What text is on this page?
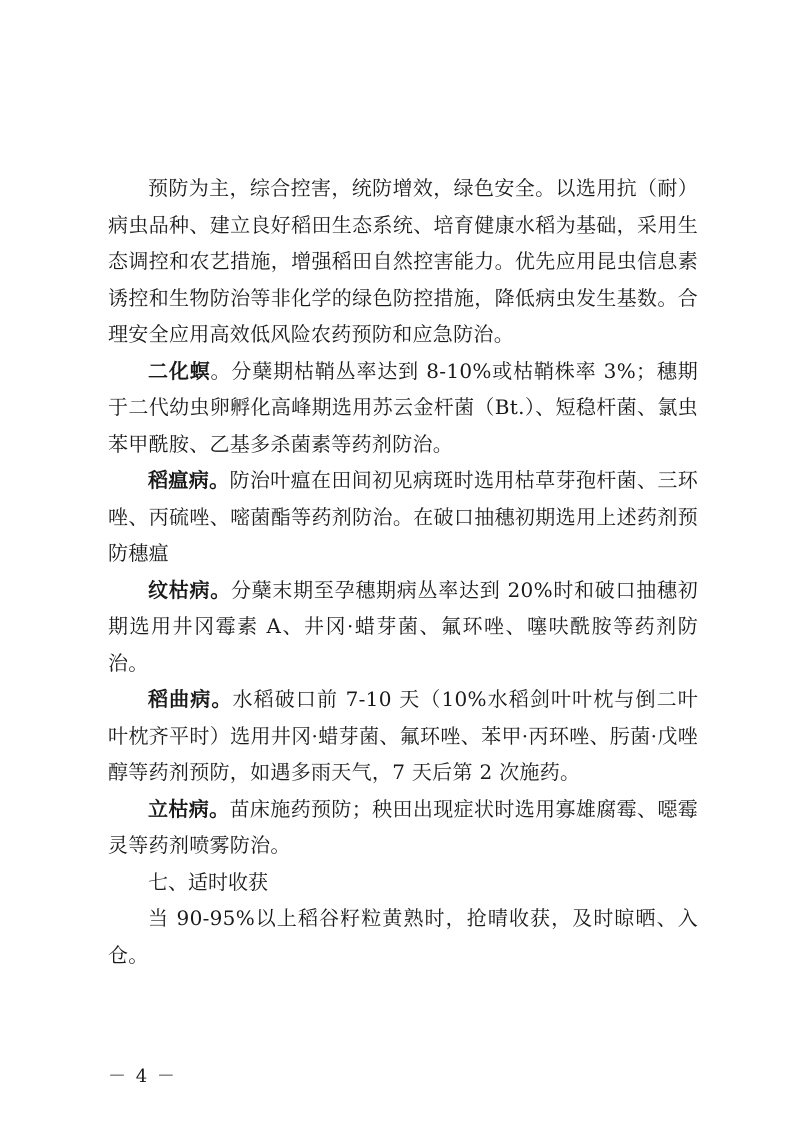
预防为主，综合控害，统防增效，绿色安全。以选用抗（耐）病虫品种、建立良好稻田生态系统、培育健康水稻为基础，采用生态调控和农艺措施，增强稻田自然控害能力。优先应用昆虫信息素诱控和生物防治等非化学的绿色防控措施，降低病虫发生基数。合理安全应用高效低风险农药预防和应急防治。

二化螟。分蘖期枯鞘丛率达到 8-10%或枯鞘株率 3%；穗期于二代幼虫卵孵化高峰期选用苏云金杆菌（Bt.）、短稳杆菌、氯虫苯甲酰胺、乙基多杀菌素等药剂防治。

稻瘟病。防治叶瘟在田间初见病斑时选用枯草芽孢杆菌、三环唑、丙硫唑、嘧菌酯等药剂防治。在破口抽穗初期选用上述药剂预防穗瘟

纹枯病。分蘖末期至孕穗期病丛率达到 20%时和破口抽穗初期选用井冈霉素 A、井冈·蜡芽菌、氟环唑、噻呋酰胺等药剂防治。

稻曲病。水稻破口前 7-10 天（10%水稻剑叶叶枕与倒二叶叶枕齐平时）选用井冈·蜡芽菌、氟环唑、苯甲·丙环唑、肟菌·戊唑醇等药剂预防，如遇多雨天气，7 天后第 2 次施药。

立枯病。苗床施药预防；秧田出现症状时选用寡雄腐霉、噁霉灵等药剂喷雾防治。

七、适时收获

当 90-95%以上稻谷籽粒黄熟时，抢晴收获，及时晾晒、入仓。

－ 4 －
